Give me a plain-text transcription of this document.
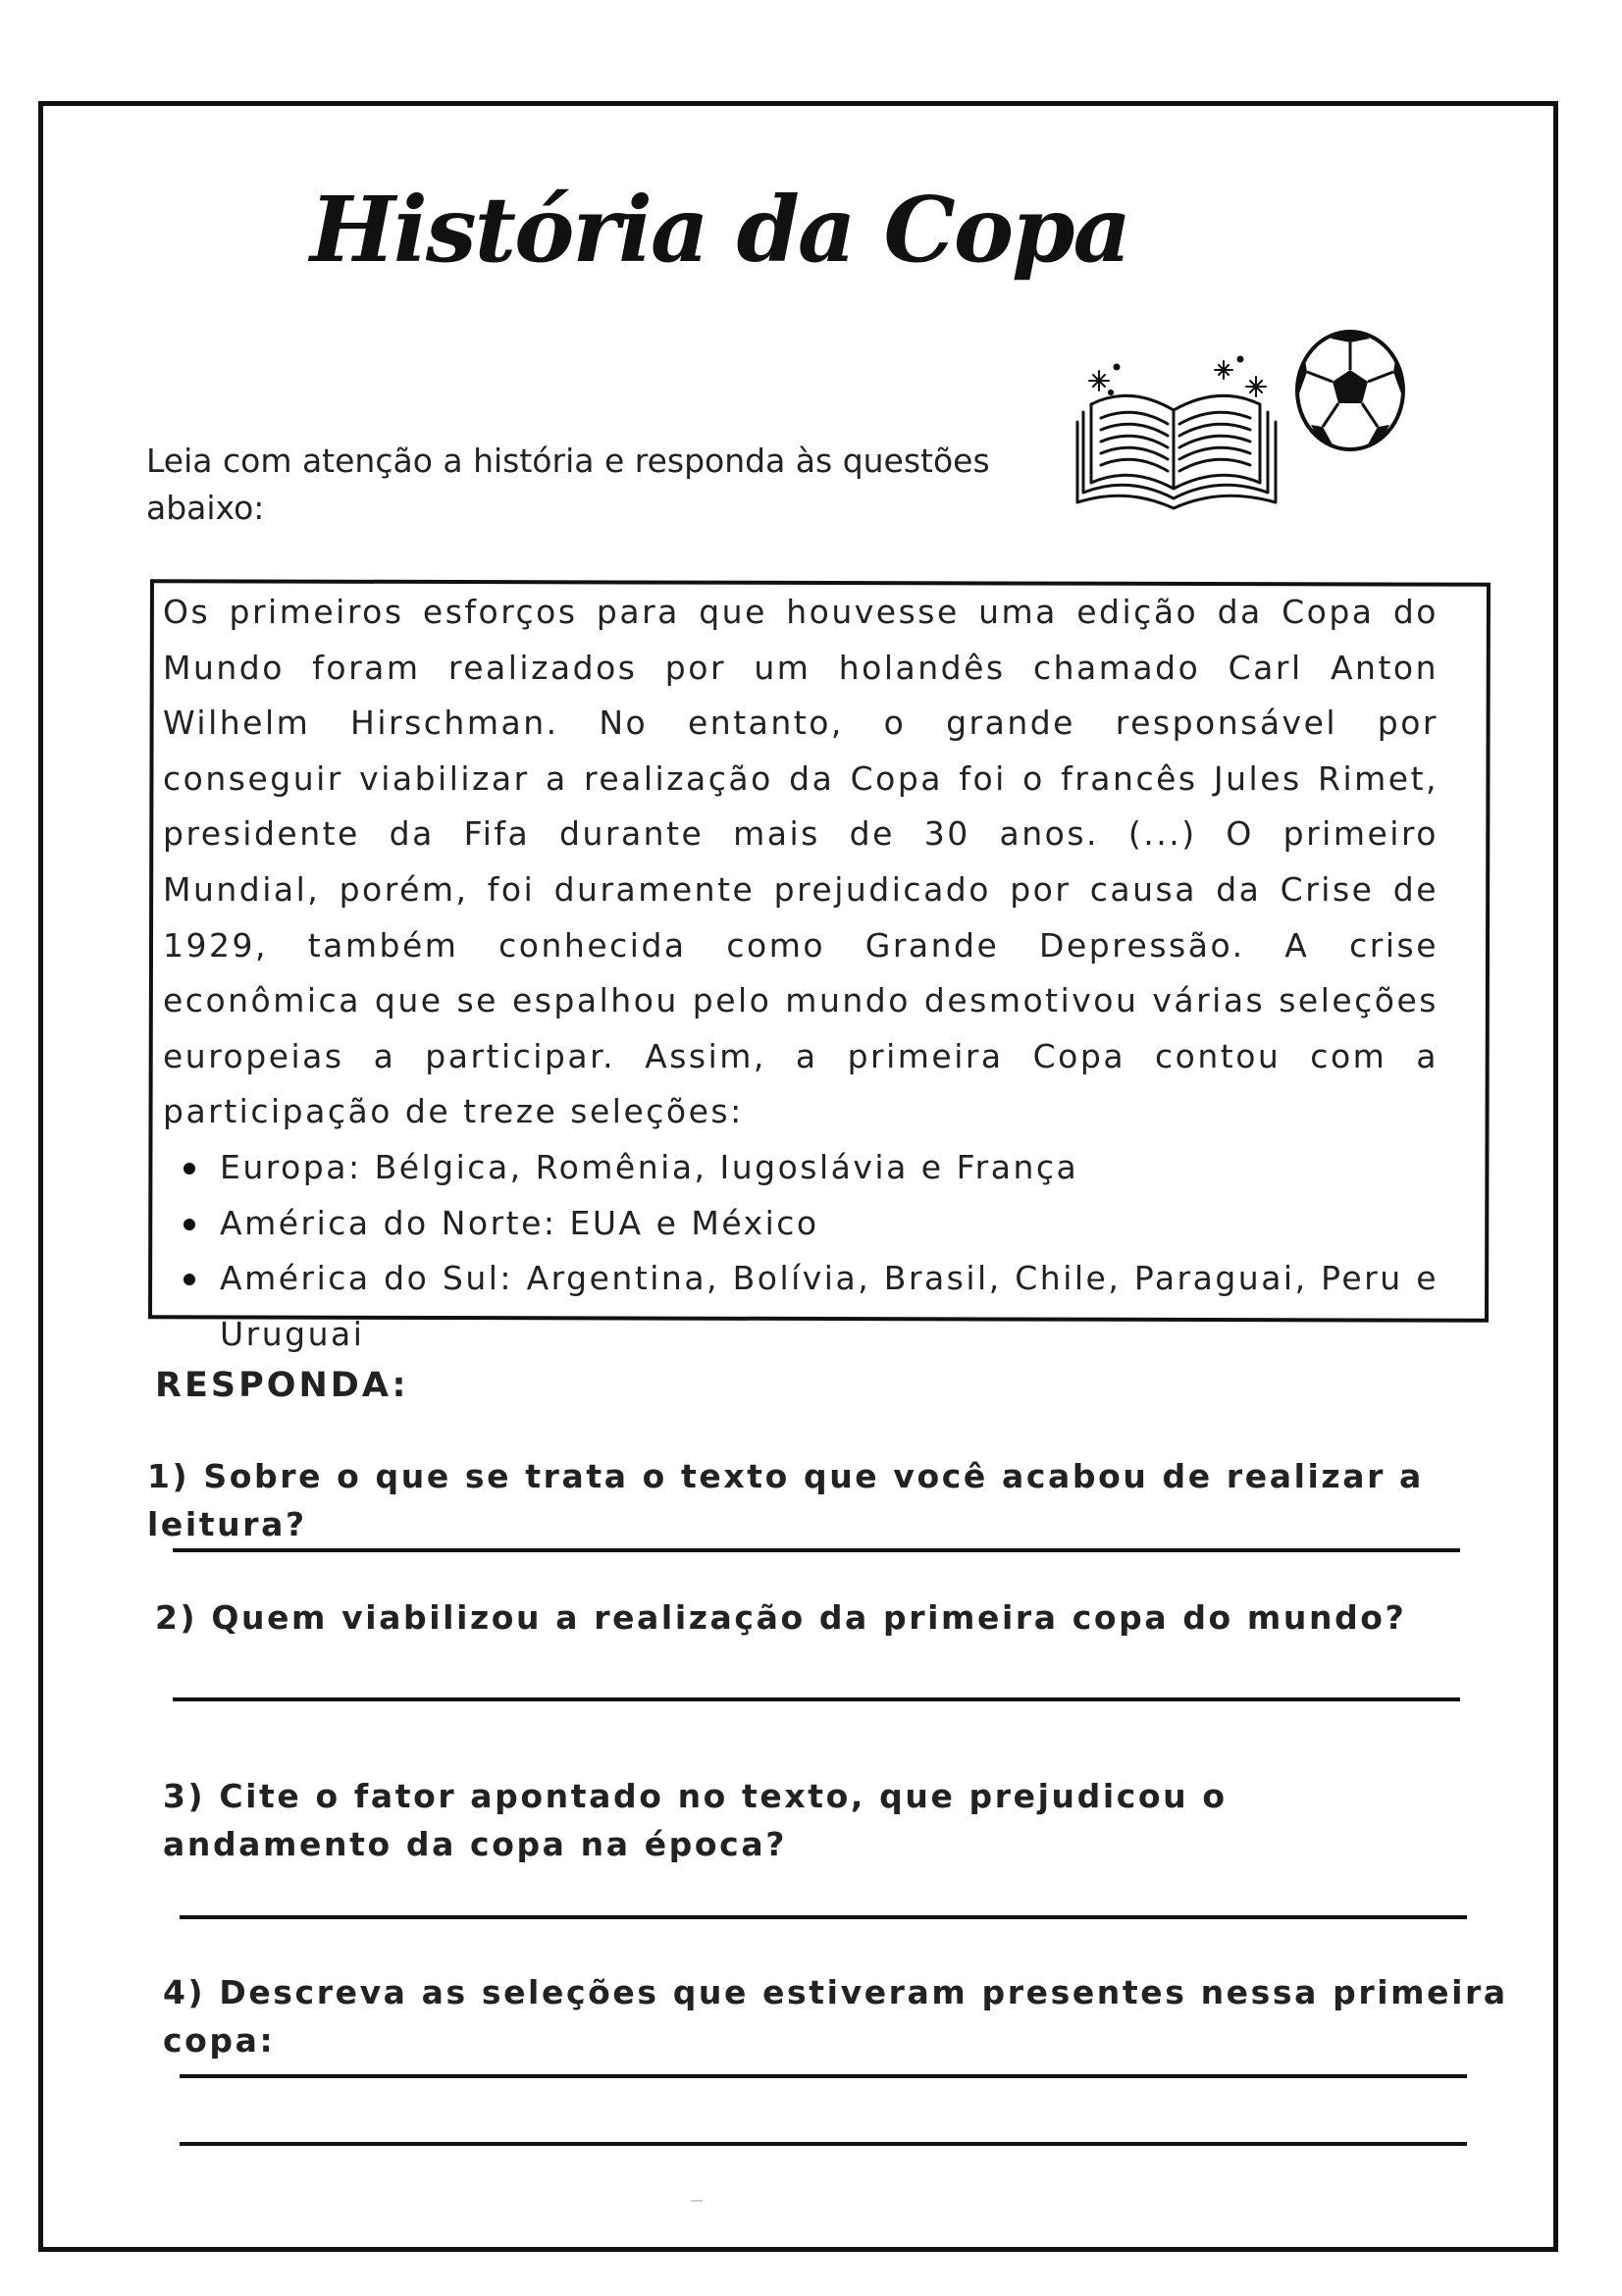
História da Copa
Leia com atenção a história e responda às questões abaixo:

Os primeiros esforços para que houvesse uma edição da Copa do Mundo foram realizados por um holandês chamado Carl Anton Wilhelm Hirschman. No entanto, o grande responsável por conseguir viabilizar a realização da Copa foi o francês Jules Rimet, presidente da Fifa durante mais de 30 anos. (...) O primeiro Mundial, porém, foi duramente prejudicado por causa da Crise de 1929, também conhecida como Grande Depressão. A crise econômica que se espalhou pelo mundo desmotivou várias seleções europeias a participar. Assim, a primeira Copa contou com a participação de treze seleções:

Europa: Bélgica, Romênia, Iugoslávia e França
América do Norte: EUA e México
América do Sul: Argentina, Bolívia, Brasil, Chile, Paraguai, Peru e Uruguai
RESPONDA:
1) Sobre o que se trata o texto que você acabou de realizar a leitura?
2) Quem viabilizou a realização da primeira copa do mundo?
3) Cite o fator apontado no texto, que prejudicou o andamento da copa na época?
4) Descreva as seleções que estiveram presentes nessa primeira copa:
